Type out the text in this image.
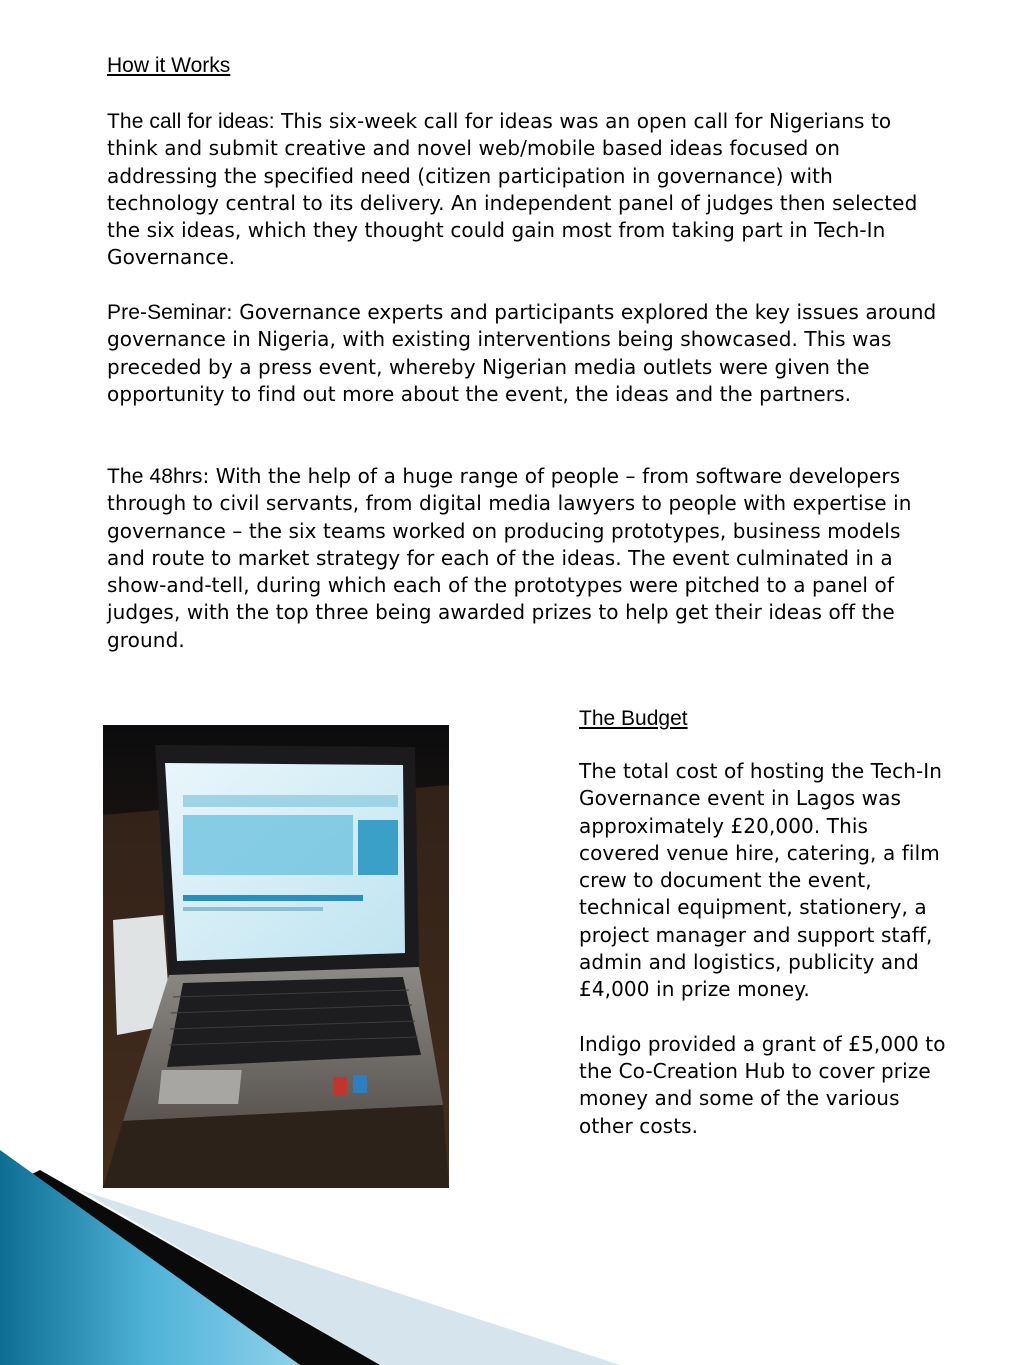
How it Works

The call for ideas: This six-week call for ideas was an open call for Nigerians to think and submit creative and novel web/mobile based ideas focused on addressing the specified need (citizen participation in governance) with technology central to its delivery. An independent panel of judges then selected the six ideas, which they thought could gain most from taking part in Tech-In Governance.

Pre-Seminar: Governance experts and participants explored the key issues around governance in Nigeria, with existing interventions being showcased. This was preceded by a press event, whereby Nigerian media outlets were given the opportunity to find out more about the event, the ideas and the partners.

The 48hrs: With the help of a huge range of people – from software developers through to civil servants, from digital media lawyers to people with expertise in governance – the six teams worked on producing prototypes, business models and route to market strategy for each of the ideas. The event culminated in a show-and-tell, during which each of the prototypes were pitched to a panel of judges, with the top three being awarded prizes to help get their ideas off the ground.

The Budget

The total cost of hosting the Tech-In Governance event in Lagos was approximately £20,000. This covered venue hire, catering, a film crew to document the event, technical equipment, stationery, a project manager and support staff, admin and logistics, publicity and £4,000 in prize money.

Indigo provided a grant of £5,000 to the Co-Creation Hub to cover prize money and some of the various other costs.
